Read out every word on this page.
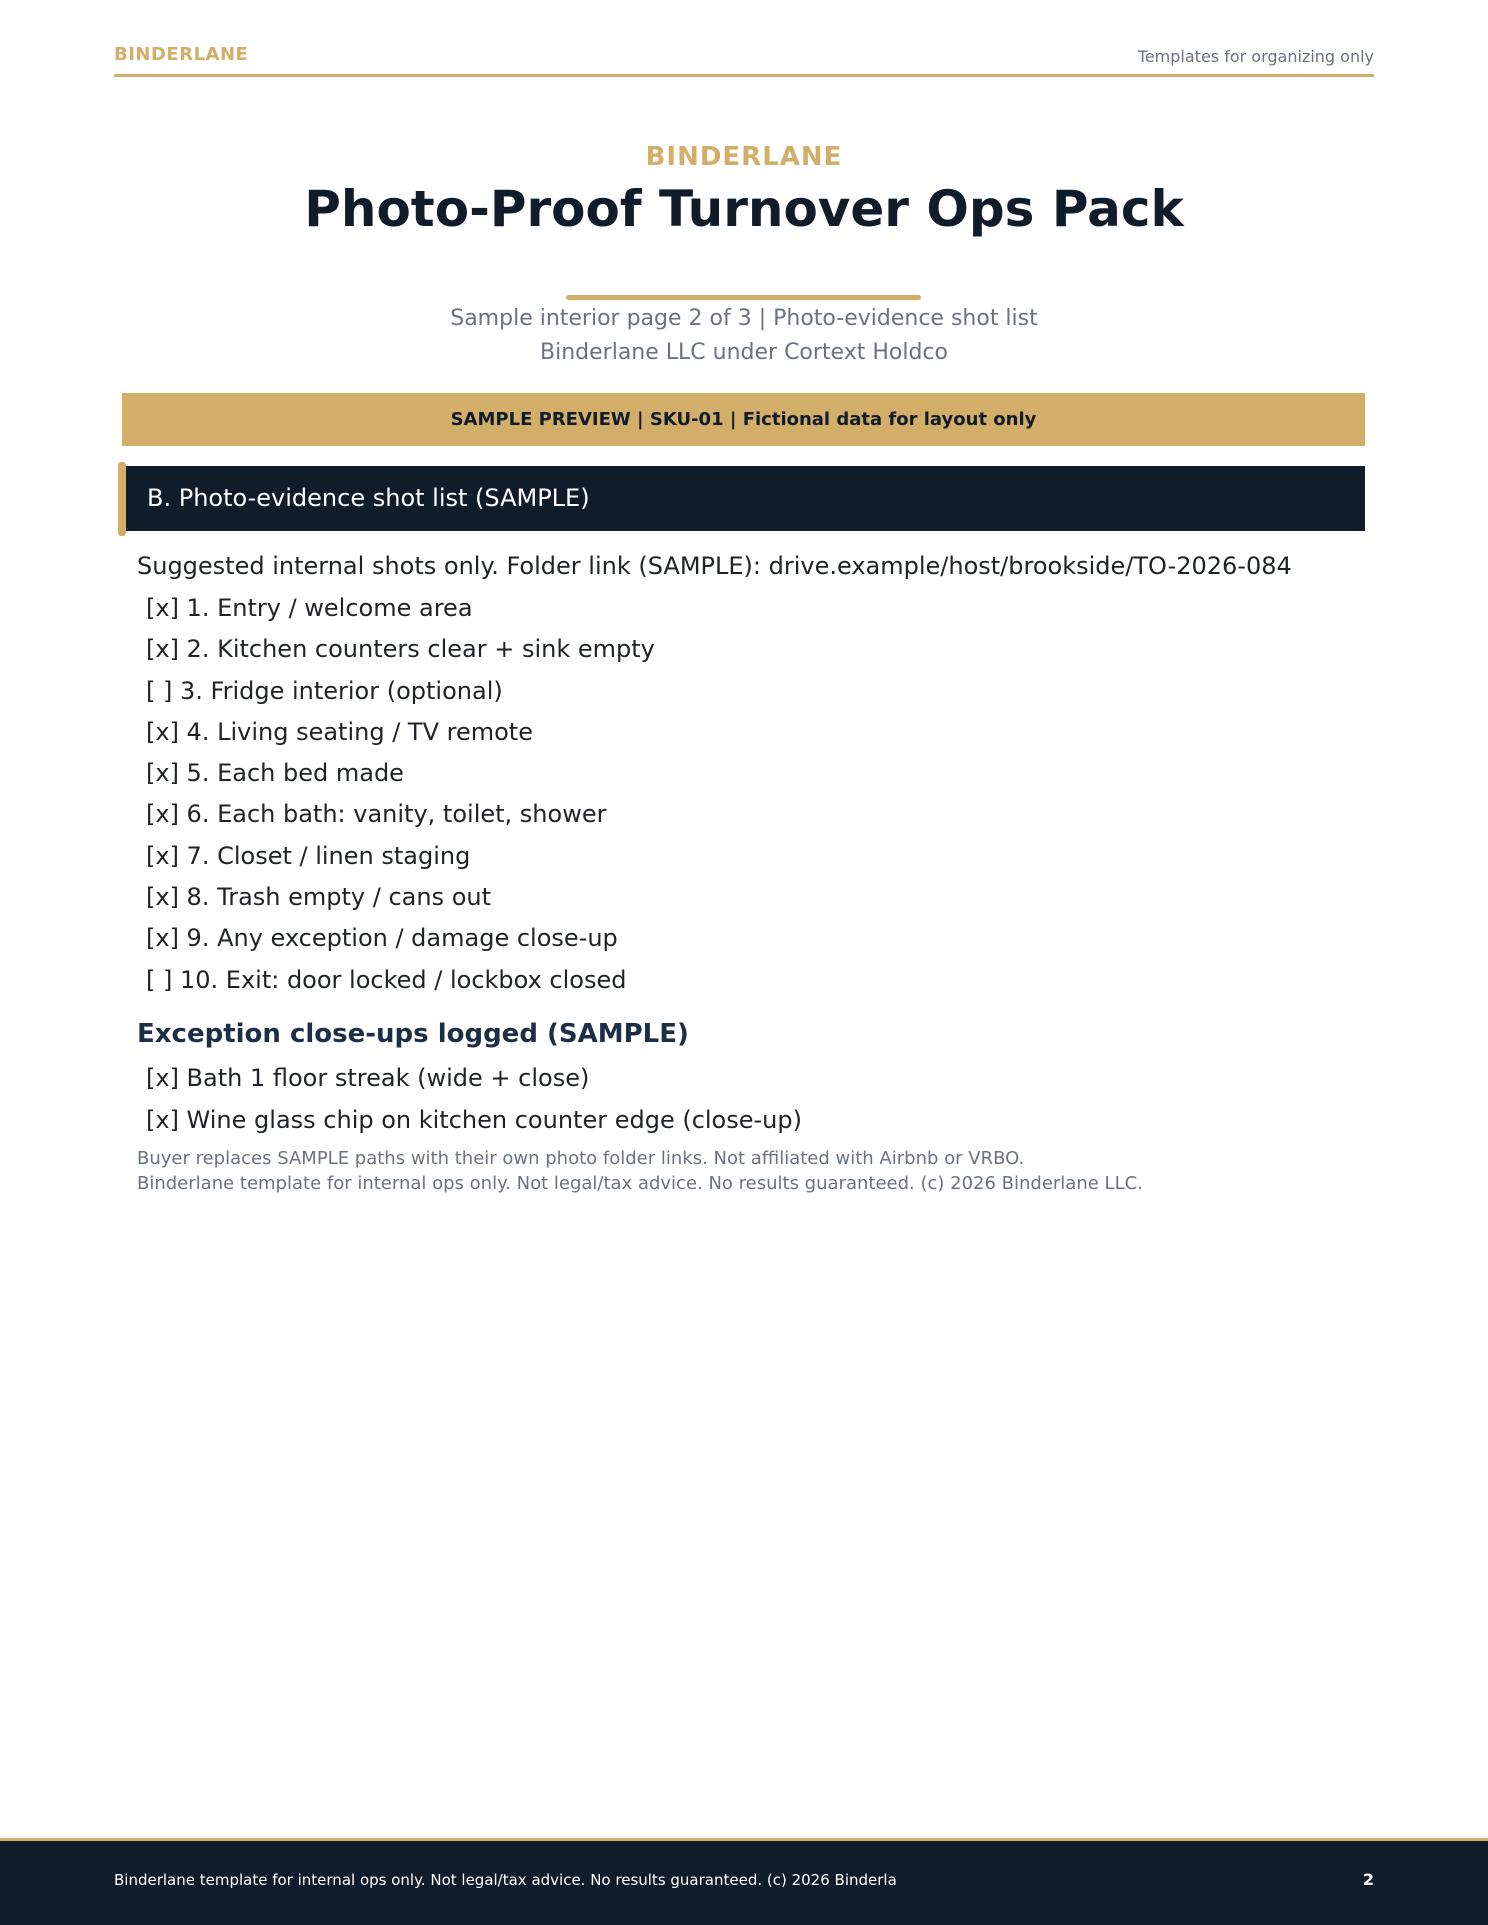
BINDERLANE	Templates for organizing only
BINDERLANE
Photo-Proof Turnover Ops Pack
Sample interior page 2 of 3 | Photo-evidence shot list
Binderlane LLC under Cortext Holdco
SAMPLE PREVIEW | SKU-01 | Fictional data for layout only
B. Photo-evidence shot list (SAMPLE)
Suggested internal shots only. Folder link (SAMPLE): drive.example/host/brookside/TO-2026-084
[x] 1. Entry / welcome area
[x] 2. Kitchen counters clear + sink empty
[ ] 3. Fridge interior (optional)
[x] 4. Living seating / TV remote
[x] 5. Each bed made
[x] 6. Each bath: vanity, toilet, shower
[x] 7. Closet / linen staging
[x] 8. Trash empty / cans out
[x] 9. Any exception / damage close-up
[ ] 10. Exit: door locked / lockbox closed
Exception close-ups logged (SAMPLE)
[x] Bath 1 floor streak (wide + close)
[x] Wine glass chip on kitchen counter edge (close-up)
Buyer replaces SAMPLE paths with their own photo folder links. Not affiliated with Airbnb or VRBO.
Binderlane template for internal ops only. Not legal/tax advice. No results guaranteed. (c) 2026 Binderlane LLC.
Binderlane template for internal ops only. Not legal/tax advice. No results guaranteed. (c) 2026 Binderla	2
